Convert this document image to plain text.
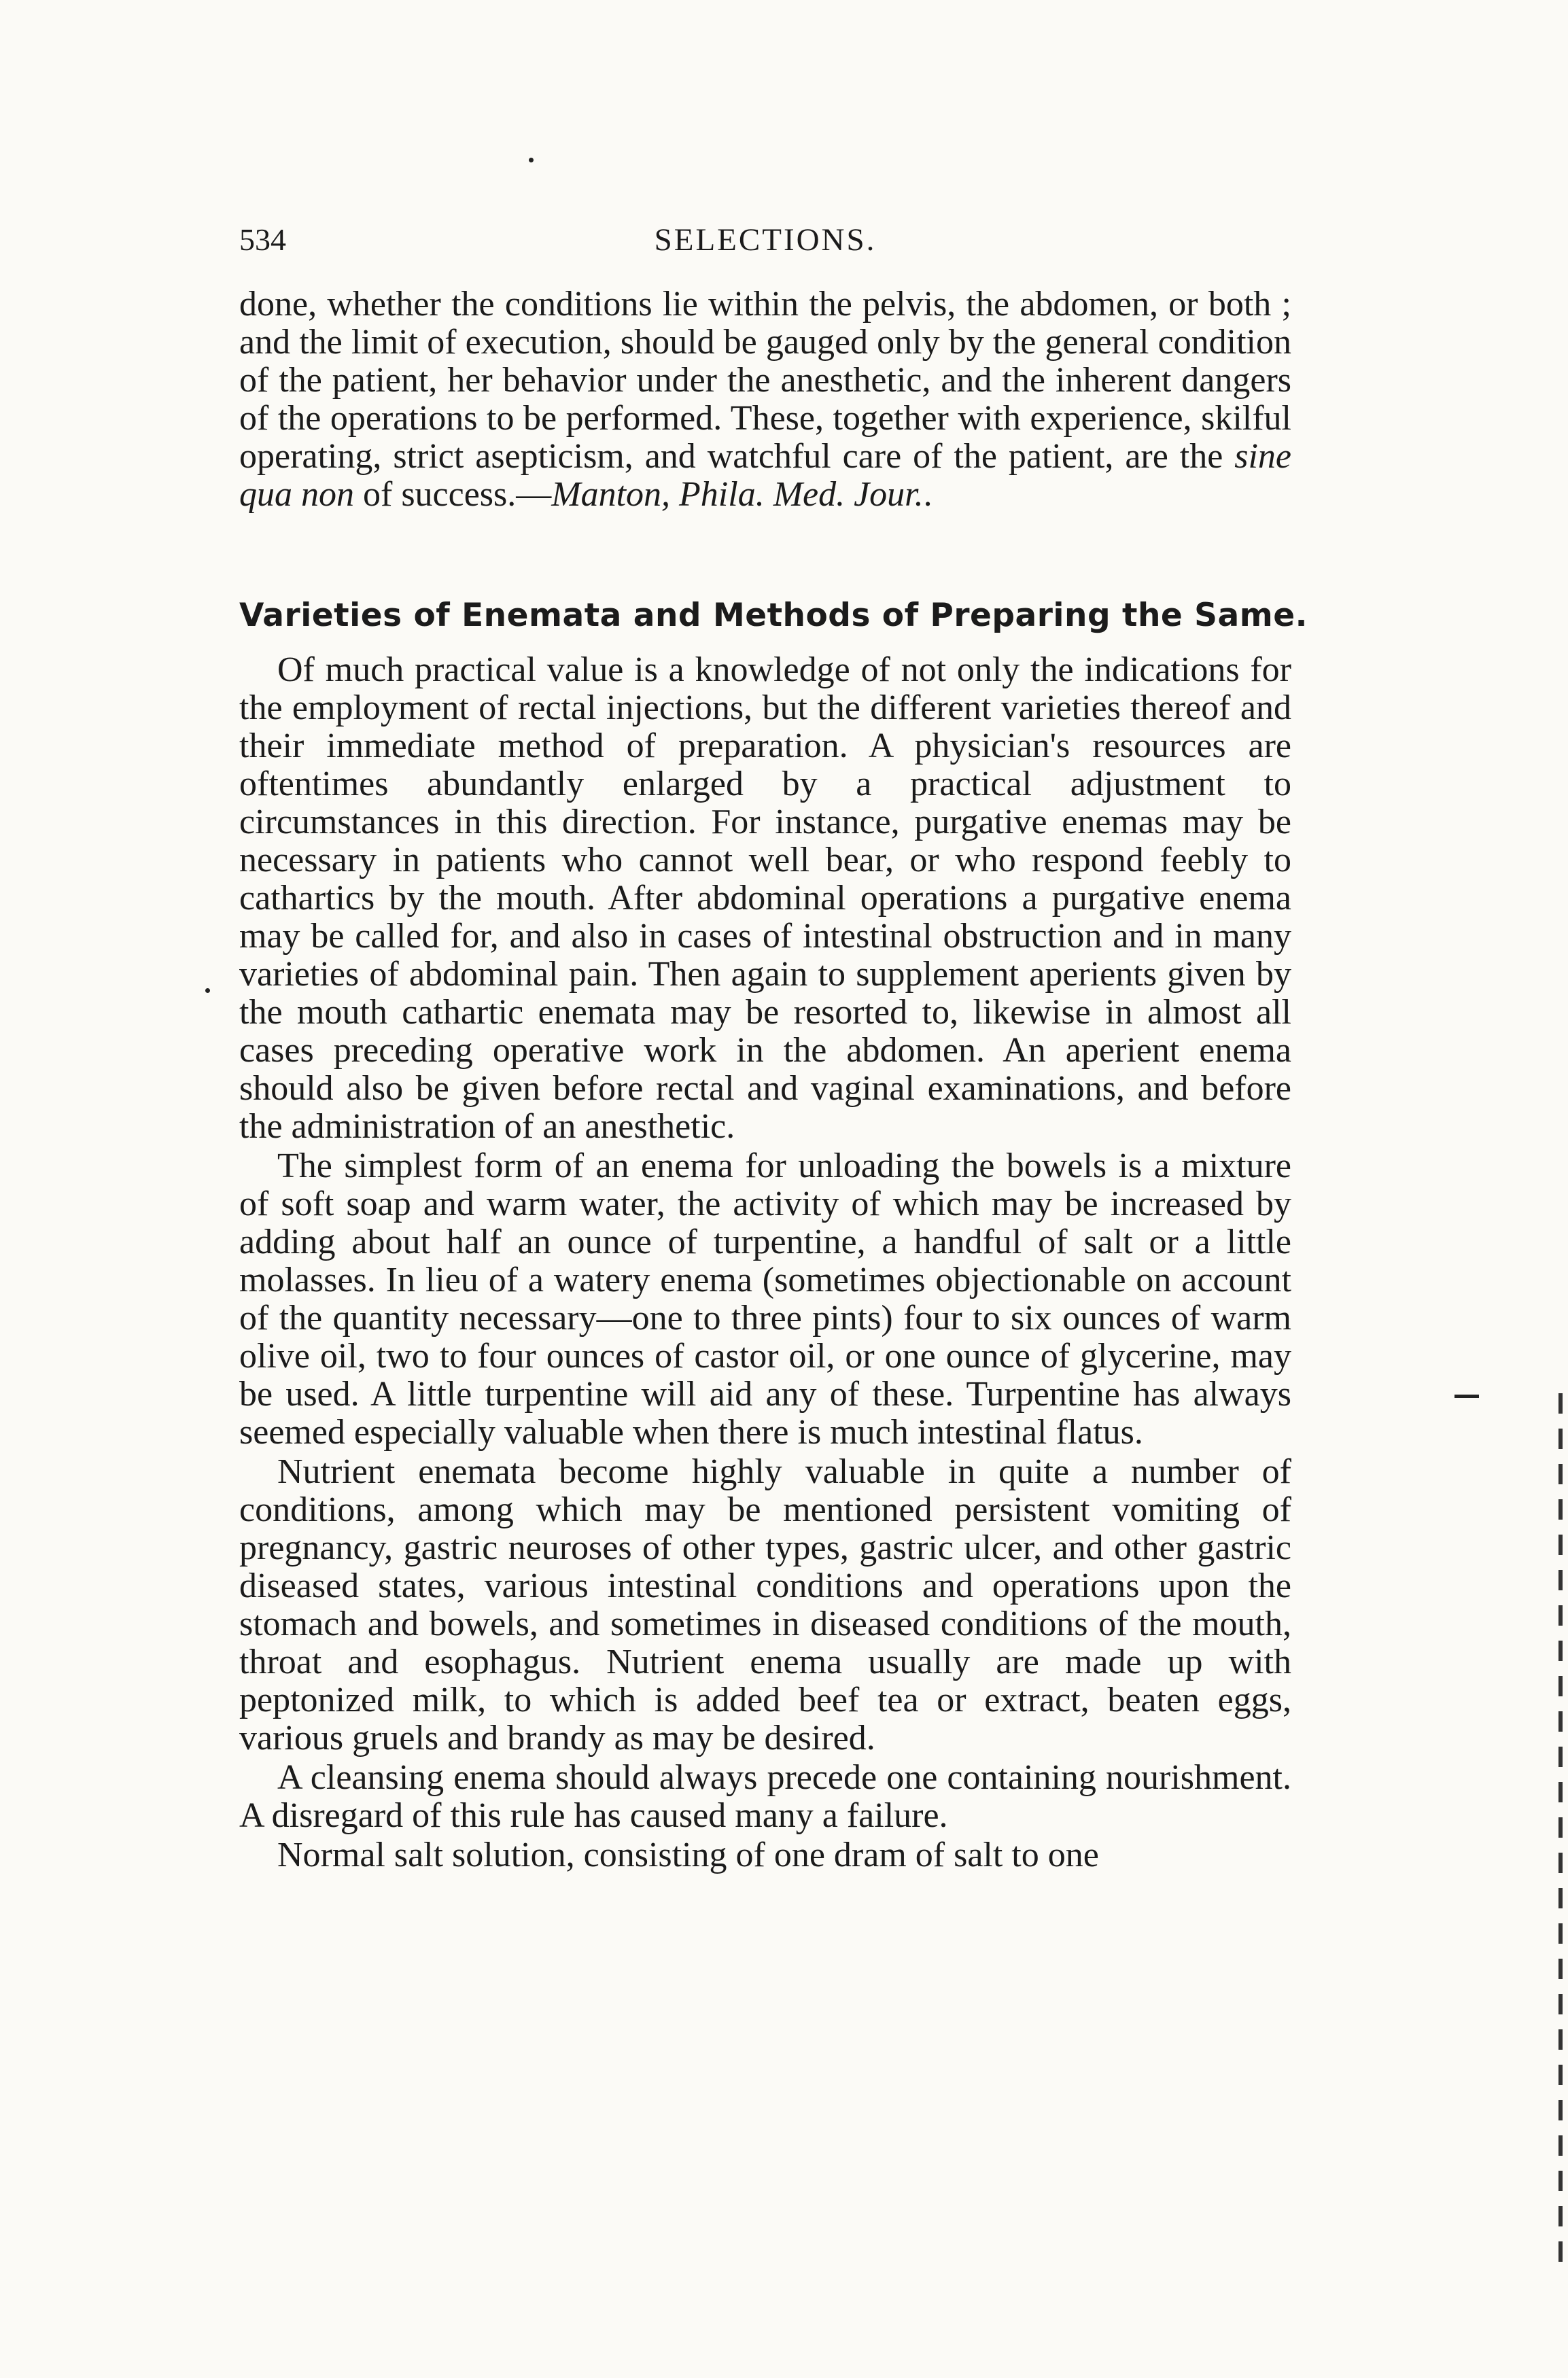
534	SELECTIONS.

done, whether the conditions lie within the pelvis, the abdomen, or both ; and the limit of execution, should be gauged only by the general condition of the patient, her behavior under the anesthetic, and the inherent dangers of the operations to be performed. These, together with experience, skilful operating, strict asepticism, and watchful care of the patient, are the sine qua non of success.—Manton, Phila. Med. Jour..

Varieties of Enemata and Methods of Preparing the Same.

Of much practical value is a knowledge of not only the indications for the employment of rectal injections, but the different varieties thereof and their immediate method of preparation. A physician's resources are oftentimes abundantly enlarged by a practical adjustment to circumstances in this direction. For instance, purgative enemas may be necessary in patients who cannot well bear, or who respond feebly to cathartics by the mouth. After abdominal operations a purgative enema may be called for, and also in cases of intestinal obstruction and in many varieties of abdominal pain. Then again to supplement aperients given by the mouth cathartic enemata may be resorted to, likewise in almost all cases preceding operative work in the abdomen. An aperient enema should also be given before rectal and vaginal examinations, and before the administration of an anesthetic.

The simplest form of an enema for unloading the bowels is a mixture of soft soap and warm water, the activity of which may be increased by adding about half an ounce of turpentine, a handful of salt or a little molasses. In lieu of a watery enema (sometimes objectionable on account of the quantity necessary—one to three pints) four to six ounces of warm olive oil, two to four ounces of castor oil, or one ounce of glycerine, may be used. A little turpentine will aid any of these. Turpentine has always seemed especially valuable when there is much intestinal flatus.

Nutrient enemata become highly valuable in quite a number of conditions, among which may be mentioned persistent vomiting of pregnancy, gastric neuroses of other types, gastric ulcer, and other gastric diseased states, various intestinal conditions and operations upon the stomach and bowels, and sometimes in diseased conditions of the mouth, throat and esophagus. Nutrient enema usually are made up with peptonized milk, to which is added beef tea or extract, beaten eggs, various gruels and brandy as may be desired.

A cleansing enema should always precede one containing nourishment. A disregard of this rule has caused many a failure.

Normal salt solution, consisting of one dram of salt to one
